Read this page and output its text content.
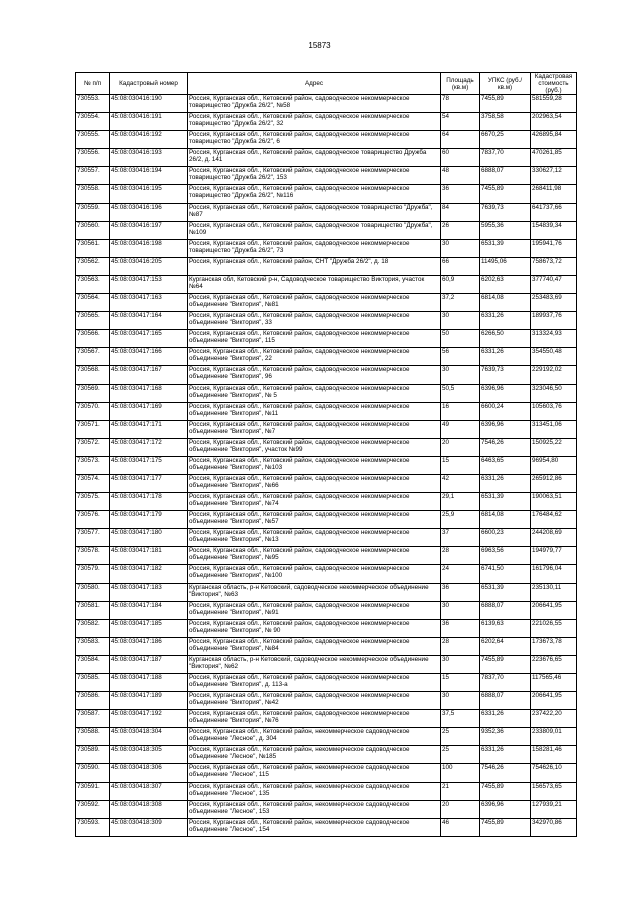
15873
№ п/п	Кадастровый номер	Адрес	Площадь (кв.м)	УПКС (руб./кв.м)	Кадастровая стоимость (руб.)
730553.	45:08:030416:190	Россия, Курганская обл., Кетовский район, садоводческое некоммерческое товарищество "Дружба 26/2", №58	78	7455,89	581559,28
730554.	45:08:030416:191	Россия, Курганская обл., Кетовский район, садоводческое некоммерческое товарищество "Дружба 26/2", 32	54	3758,58	202963,54
730555.	45:08:030416:192	Россия, Курганская обл., Кетовский район, садоводческое некоммерческое товарищество "Дружба 26/2", 6	64	6670,25	426895,84
730556.	45:08:030416:193	Россия, Курганская обл., Кетовский район, садоводческое товарищество Дружба 26/2, д. 141	60	7837,70	470261,85
730557.	45:08:030416:194	Россия, Курганская обл., Кетовский район, садоводческое некоммерческое товарищество "Дружба 26/2", 153	48	6888,07	330627,12
730558.	45:08:030416:195	Россия, Курганская обл., Кетовский район, садоводческое некоммерческое товарищество "Дружба 26/2", №116	36	7455,89	268411,98
730559.	45:08:030416:196	Россия, Курганская обл., Кетовский район, садоводческое товарищество "Дружба", №87	84	7639,73	641737,66
730560.	45:08:030416:197	Россия, Курганская обл., Кетовский район, садоводческое товарищество "Дружба", №109	26	5955,36	154839,34
730561.	45:08:030416:198	Россия, Курганская обл., Кетовский район, садоводческое некоммерческое товарищество "Дружба 26/2", 73	30	6531,39	195941,76
730562.	45:08:030416:205	Россия, Курганская обл., Кетовский район, СНТ "Дружба 26/2", д. 18	66	11495,06	758673,72
730563.	45:08:030417:153	Курганская обл, Кетовский р-н, Садоводческое товарищество Виктория, участок №64	60,9	6202,63	377740,47
730564.	45:08:030417:163	Россия, Курганская обл., Кетовский район, садоводческое некоммерческое объединение "Виктория", №81	37,2	6814,08	253483,69
730565.	45:08:030417:164	Россия, Курганская обл., Кетовский район, садоводческое некоммерческое объединение "Виктория", 33	30	6331,26	189937,76
730566.	45:08:030417:165	Россия, Курганская обл., Кетовский район, садоводческое некоммерческое объединение "Виктория", 115	50	6266,50	313324,93
730567.	45:08:030417:166	Россия, Курганская обл., Кетовский район, садоводческое некоммерческое объединение "Виктория", 22	56	6331,26	354550,48
730568.	45:08:030417:167	Россия, Курганская обл., Кетовский район, садоводческое некоммерческое объединение "Виктория", 96	30	7639,73	229192,02
730569.	45:08:030417:168	Россия, Курганская обл., Кетовский район, садоводческое некоммерческое объединение "Виктория", № 5	50,5	6396,96	323046,50
730570.	45:08:030417:169	Россия, Курганская обл., Кетовский район, садоводческое некоммерческое объединение "Виктория", №11	16	6600,24	105603,76
730571.	45:08:030417:171	Россия, Курганская обл., Кетовский район, садоводческое некоммерческое объединение "Виктория", №7	49	6396,96	313451,06
730572.	45:08:030417:172	Россия, Курганская обл., Кетовский район, садоводческое некоммерческое объединение "Виктория", участок №99	20	7546,26	150925,22
730573.	45:08:030417:175	Россия, Курганская обл., Кетовский район, садоводческое некоммерческое объединение "Виктория", №103	15	6463,65	96954,80
730574.	45:08:030417:177	Россия, Курганская обл., Кетовский район, садоводческое некоммерческое объединение "Виктория", №66	42	6331,26	265912,86
730575.	45:08:030417:178	Россия, Курганская обл., Кетовский район, садоводческое некоммерческое объединение "Виктория", №74	29,1	6531,39	190063,51
730576.	45:08:030417:179	Россия, Курганская обл., Кетовский район, садоводческое некоммерческое объединение "Виктория", №57	25,9	6814,08	176484,62
730577.	45:08:030417:180	Россия, Курганская обл., Кетовский район, садоводческое некоммерческое объединение "Виктория", №13	37	6600,23	244208,69
730578.	45:08:030417:181	Россия, Курганская обл., Кетовский район, садоводческое некоммерческое объединение "Виктория", №95	28	6963,56	194979,77
730579.	45:08:030417:182	Россия, Курганская обл., Кетовский район, садоводческое некоммерческое объединение "Виктория", №100	24	6741,50	161796,04
730580.	45:08:030417:183	Курганская область, р-н Кетовский, садоводческое некоммерческое объединение "Виктория", №63	36	6531,39	235130,11
730581.	45:08:030417:184	Россия, Курганская обл., Кетовский район, садоводческое некоммерческое объединение "Виктория", №91	30	6888,07	206641,95
730582.	45:08:030417:185	Россия, Курганская обл., Кетовский район, садоводческое некоммерческое объединение "Виктория", № 90	36	6139,63	221026,55
730583.	45:08:030417:186	Россия, Курганская обл., Кетовский район, садоводческое некоммерческое объединение "Виктория", №84	28	6202,64	173673,78
730584.	45:08:030417:187	Курганская область, р-н Кетовский, садоводческое некоммерческое объединение "Виктория", №62	30	7455,89	223676,65
730585.	45:08:030417:188	Россия, Курганская обл., Кетовский район, садоводческое некоммерческое объединение "Виктория", д. 113-а	15	7837,70	117565,46
730586.	45:08:030417:189	Россия, Курганская обл., Кетовский район, садоводческое некоммерческое объединение "Виктория", №42	30	6888,07	206641,95
730587.	45:08:030417:192	Россия, Курганская обл., Кетовский район, садоводческое некоммерческое объединение "Виктория", №76	37,5	6331,26	237422,20
730588.	45:08:030418:304	Россия, Курганская обл., Кетовский район, некоммерческое садоводческое объединение "Лесное", д. 304	25	9352,36	233809,01
730589.	45:08:030418:305	Россия, Курганская обл., Кетовский район, некоммерческое садоводческое объединение "Лесное", №185	25	6331,26	158281,46
730590.	45:08:030418:306	Россия, Курганская обл., Кетовский район, некоммерческое садоводческое объединение "Лесное", 115	100	7546,26	754626,10
730591.	45:08:030418:307	Россия, Курганская обл., Кетовский район, некоммерческое садоводческое объединение "Лесное", 135	21	7455,89	156573,65
730592.	45:08:030418:308	Россия, Курганская обл., Кетовский район, некоммерческое садоводческое объединение "Лесное", 153	20	6396,96	127939,21
730593.	45:08:030418:309	Россия, Курганская обл., Кетовский район, некоммерческое садоводческое объединение "Лесное", 154	46	7455,89	342970,86
